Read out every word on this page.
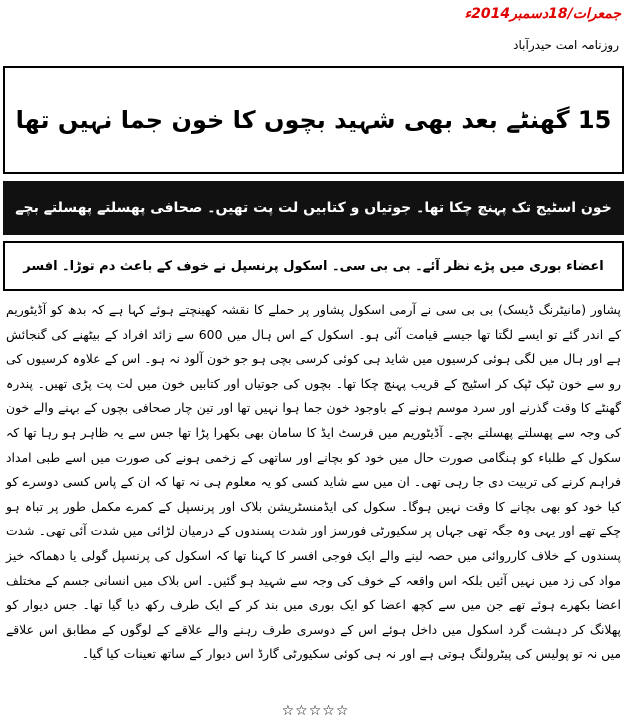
جمعرات/18دسمبر2014ء
روزنامہ امت حیدرآباد
15 گھنٹے بعد بھی شہید بچوں کا خون جما نہیں تھا
خون اسٹیج تک پہنچ چکا تھا۔ جوتیاں و کتابیں لت پت تھیں۔ صحافی پھسلتے پھسلتے بچے
اعضاء بوری میں پڑے نظر آئے۔ بی بی سی۔ اسکول پرنسپل نے خوف کے باعث دم توڑا۔ افسر

پشاور (مانیٹرنگ ڈیسک) بی بی سی نے آرمی اسکول پشاور پر حملے کا نقشہ کھینچتے ہوئے کہا ہے کہ بدھ کو آڈیٹوریم کے اندر گئے تو ایسے لگتا تھا جیسے قیامت آئی ہو۔ اسکول کے اس ہال میں 600 سے زائد افراد کے بیٹھنے کی گنجائش ہے اور ہال میں لگی ہوئی کرسیوں میں شاید ہی کوئی کرسی بچی ہو جو خون آلود نہ ہو۔ اس کے علاوہ کرسیوں کی رو سے خون ٹپک ٹپک کر اسٹیج کے قریب پہنچ چکا تھا۔ بچوں کی جوتیاں اور کتابیں خون میں لت پت پڑی تھیں۔ پندرہ گھنٹے کا وقت گذرنے اور سرد موسم ہونے کے باوجود خون جما ہوا نہیں تھا اور تین چار صحافی بچوں کے بہنے والے خون کی وجہ سے پھسلتے پھسلتے بچے۔ آڈیٹوریم میں فرسٹ ایڈ کا سامان بھی بکھرا پڑا تھا جس سے یہ ظاہر ہو رہا تھا کہ سکول کے طلباء کو ہنگامی صورت حال میں خود کو بچانے اور ساتھی کے زخمی ہونے کی صورت میں اسے طبی امداد فراہم کرنے کی تربیت دی جا رہی تھی۔ ان میں سے شاید کسی کو یہ معلوم ہی نہ تھا کہ ان کے پاس کسی دوسرے کو کیا خود کو بھی بچانے کا وقت نہیں ہوگا۔ سکول کی ایڈمنسٹریشن بلاک اور پرنسپل کے کمرے مکمل طور پر تباہ ہو چکے تھے اور یہی وہ جگہ تھی جہاں پر سکیورٹی فورسز اور شدت پسندوں کے درمیان لڑائی میں شدت آئی تھی۔ شدت پسندوں کے خلاف کارروائی میں حصہ لینے والے ایک فوجی افسر کا کہنا تھا کہ اسکول کی پرنسپل گولی یا دھماکہ خیز مواد کی زد میں نہیں آئیں بلکہ اس واقعہ کے خوف کی وجہ سے شہید ہو گئیں۔ اس بلاک میں انسانی جسم کے مختلف اعضا بکھرے ہوئے تھے جن میں سے کچھ اعضا کو ایک بوری میں بند کر کے ایک طرف رکھ دیا گیا تھا۔ جس دیوار کو پھلانگ کر دہشت گرد اسکول میں داخل ہوئے اس کے دوسری طرف رہنے والے علاقے کے لوگوں کے مطابق اس علاقے میں نہ تو پولیس کی پیٹرولنگ ہوتی ہے اور نہ ہی کوئی سکیورٹی گارڈ اس دیوار کے ساتھ تعینات کیا گیا۔

☆☆☆☆☆
